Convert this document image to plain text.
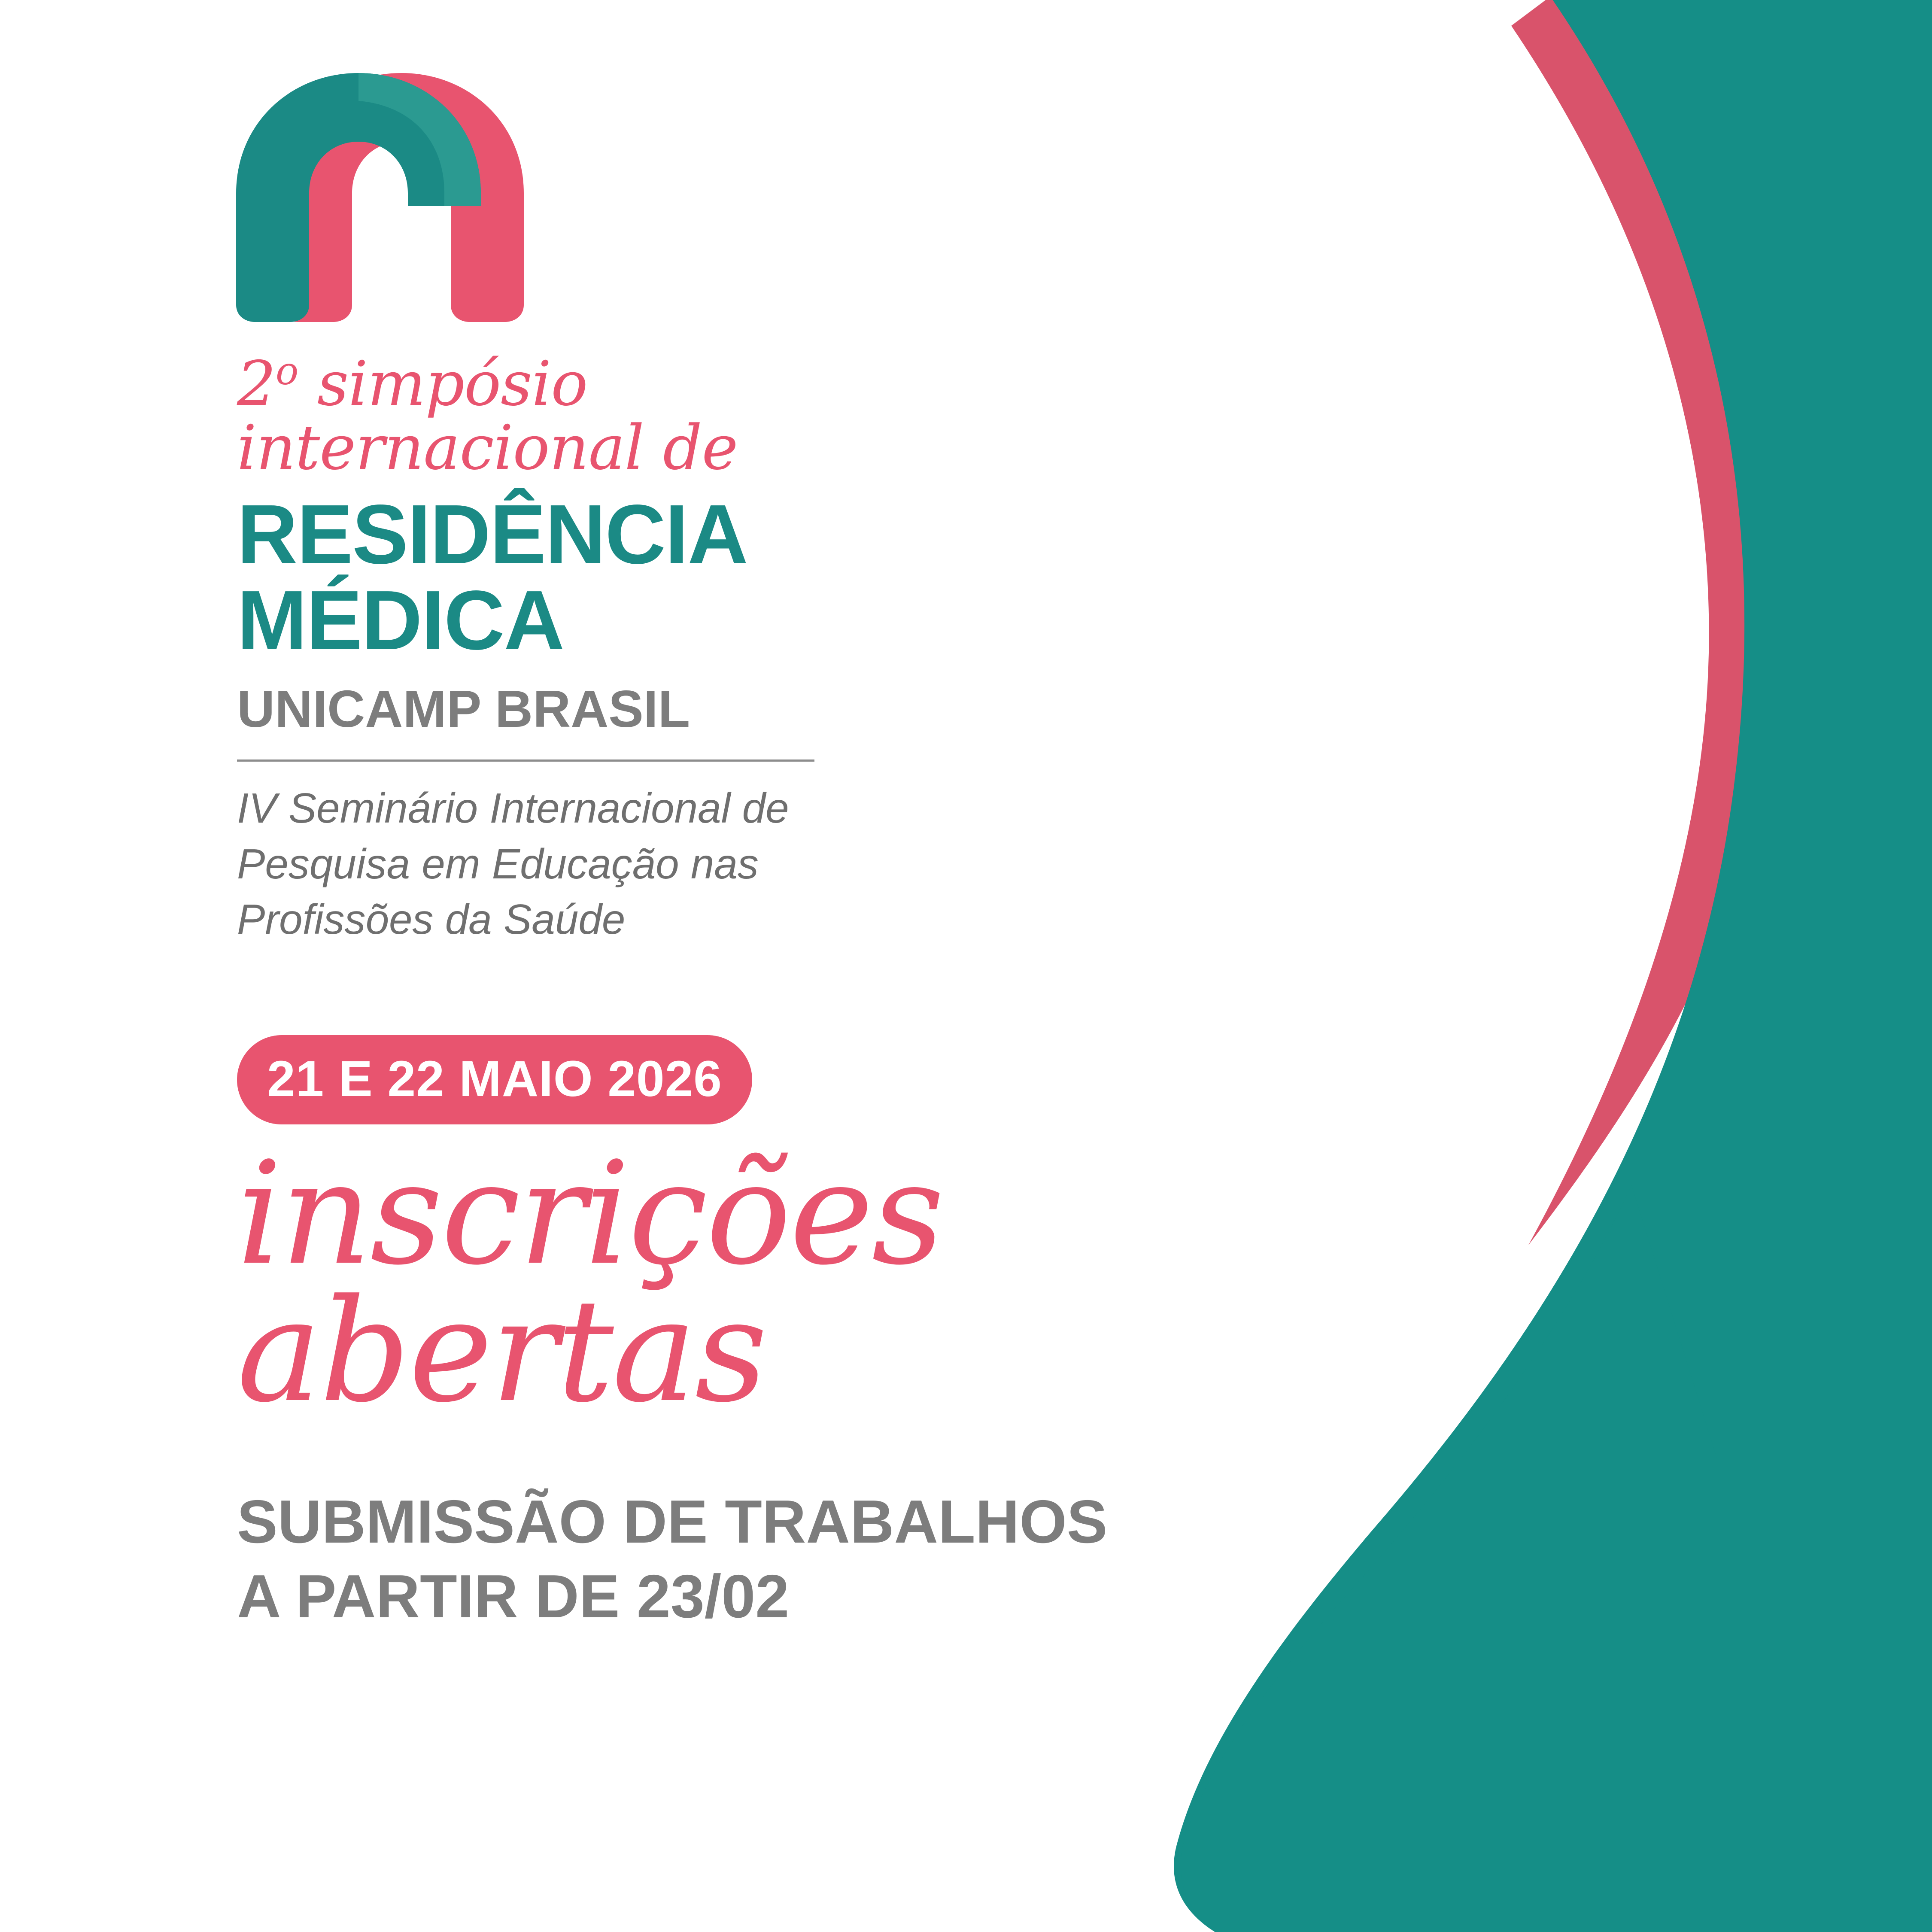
2$^o$ simpósio
internacional de
RESIDÊNCIA
MÉDICA
UNICAMP BRASIL
IV Seminário Internacional de Pesquisa em Educação nas Profissões da Saúde
21 E 22 MAIO 2026
inscrições
abertas
SUBMISSÃO DE TRABALHOS
A PARTIR DE 23/02
